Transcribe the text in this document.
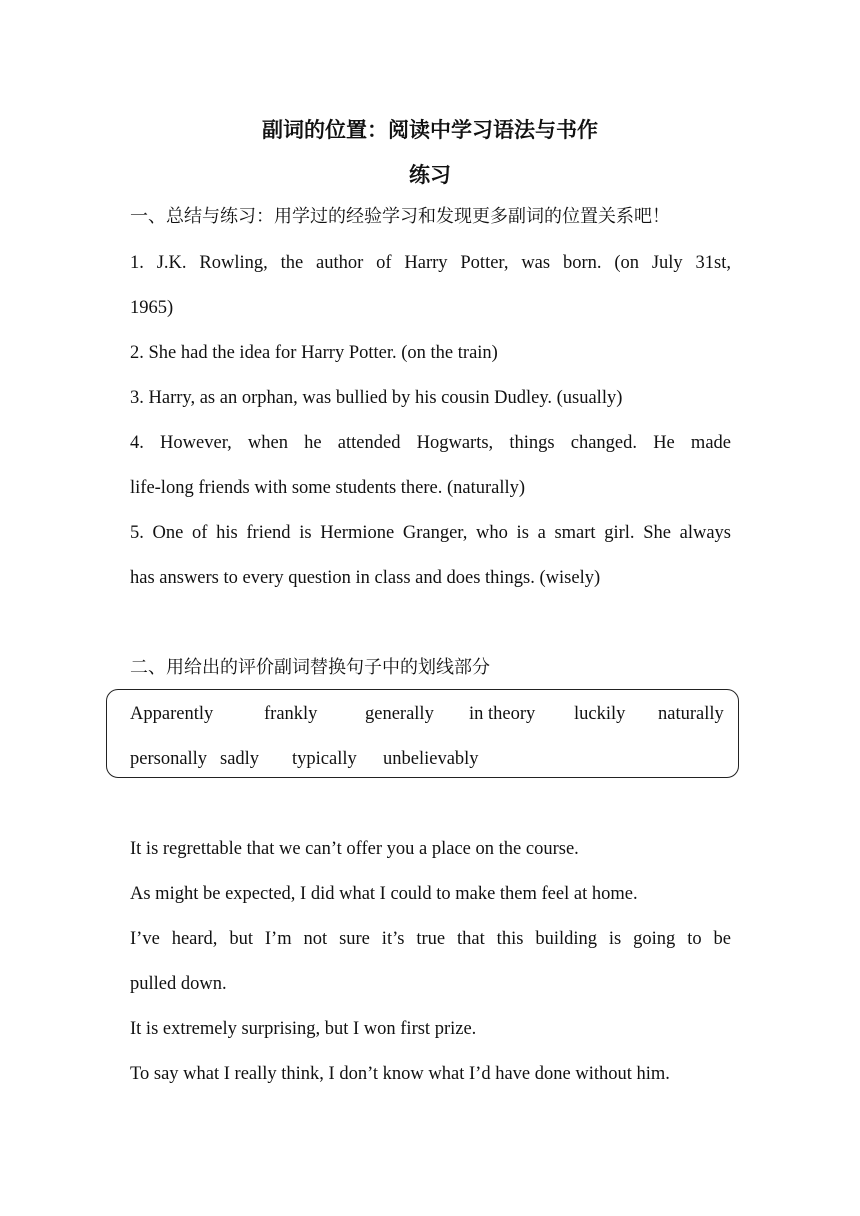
副词的位置：阅读中学习语法与书作
练习
一、总结与练习：用学过的经验学习和发现更多副词的位置关系吧！
1. J.K. Rowling, the author of Harry Potter, was born. (on July 31st,
1965)
2. She had the idea for Harry Potter. (on the train)
3. Harry, as an orphan, was bullied by his cousin Dudley. (usually)
4. However, when he attended Hogwarts, things changed. He made
life-long friends with some students there. (naturally)
5. One of his friend is Hermione Granger, who is a smart girl. She always
has answers to every question in class and does things. (wisely)
二、用给出的评价副词替换句子中的划线部分
Apparently	frankly	generally in theory luckily naturally
personally sadly typically unbelievably
It is regrettable that we can’t offer you a place on the course.
As might be expected, I did what I could to make them feel at home.
I’ve heard, but I’m not sure it’s true that this building is going to be
pulled down.
It is extremely surprising, but I won first prize.
To say what I really think, I don’t know what I’d have done without him.
